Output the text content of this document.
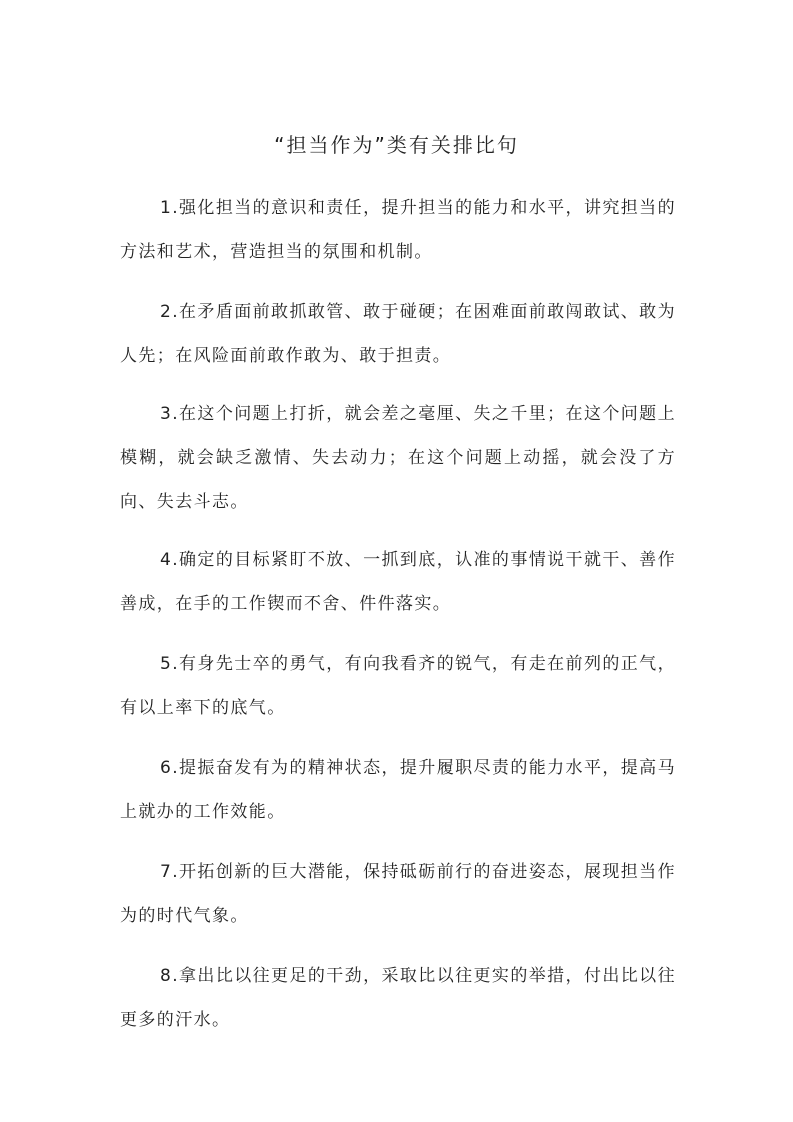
“担当作为”类有关排比句

1.强化担当的意识和责任，提升担当的能力和水平，讲究担当的方法和艺术，营造担当的氛围和机制。

2.在矛盾面前敢抓敢管、敢于碰硬；在困难面前敢闯敢试、敢为人先；在风险面前敢作敢为、敢于担责。

3.在这个问题上打折，就会差之毫厘、失之千里；在这个问题上模糊，就会缺乏激情、失去动力；在这个问题上动摇，就会没了方向、失去斗志。

4.确定的目标紧盯不放、一抓到底，认准的事情说干就干、善作善成，在手的工作锲而不舍、件件落实。

5.有身先士卒的勇气，有向我看齐的锐气，有走在前列的正气，有以上率下的底气。

6.提振奋发有为的精神状态，提升履职尽责的能力水平，提高马上就办的工作效能。

7.开拓创新的巨大潜能，保持砥砺前行的奋进姿态，展现担当作为的时代气象。

8.拿出比以往更足的干劲，采取比以往更实的举措，付出比以往更多的汗水。
